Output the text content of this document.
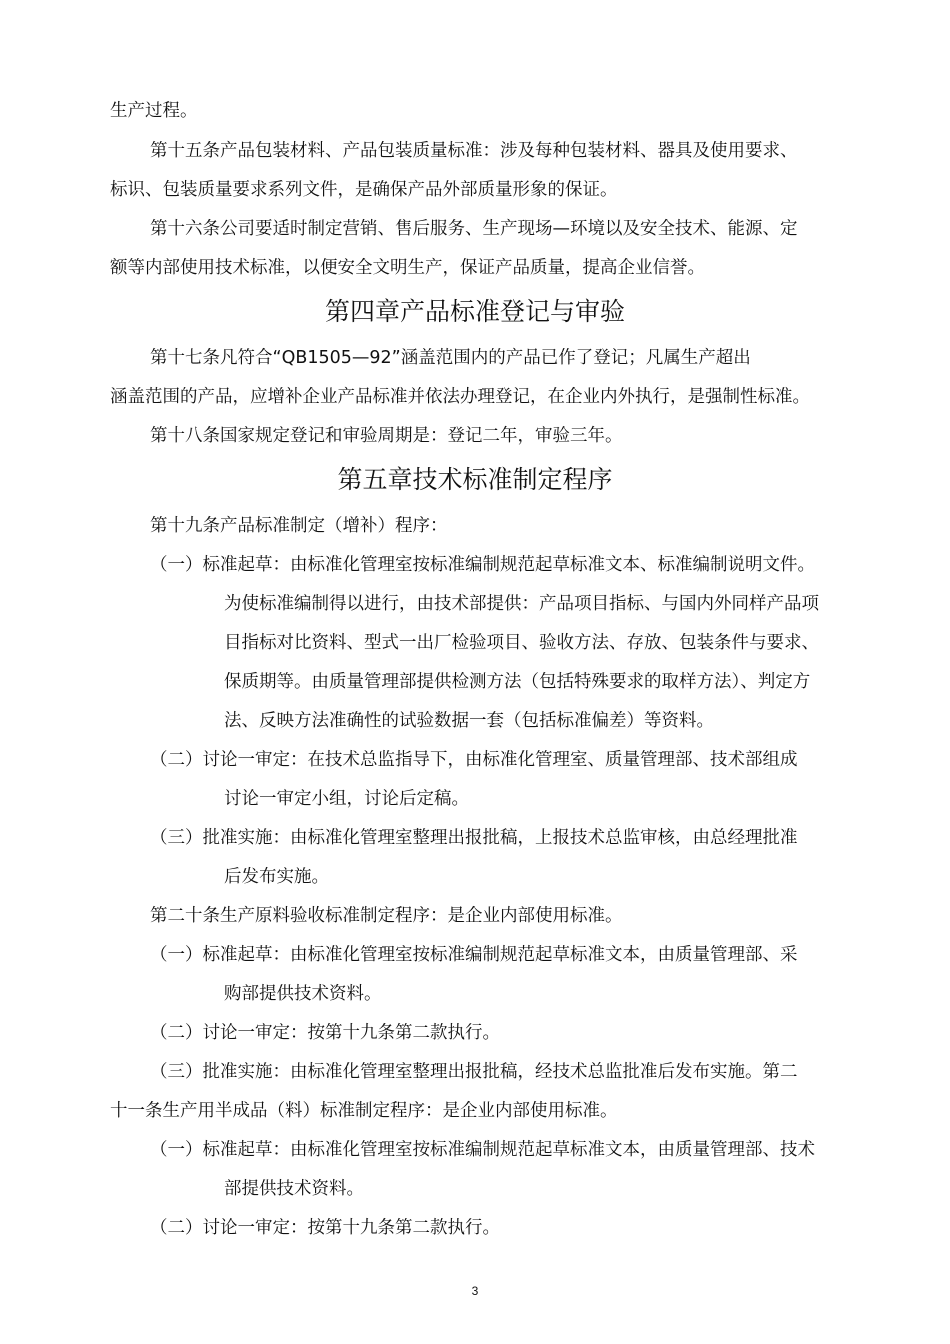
生产过程。
第十五条产品包装材料、产品包装质量标准：涉及每种包装材料、器具及使用要求、
标识、包装质量要求系列文件，是确保产品外部质量形象的保证。
第十六条公司要适时制定营销、售后服务、生产现场—环境以及安全技术、能源、定
额等内部使用技术标准，以便安全文明生产，保证产品质量，提高企业信誉。
第四章产品标准登记与审验
第十七条凡符合“QB1505—92”涵盖范围内的产品已作了登记；凡属生产超出
涵盖范围的产品，应增补企业产品标准并依法办理登记，在企业内外执行，是强制性标准。
第十八条国家规定登记和审验周期是：登记二年，审验三年。
第五章技术标准制定程序
第十九条产品标准制定（增补）程序：
（一）标准起草：由标准化管理室按标准编制规范起草标准文本、标准编制说明文件。
为使标准编制得以进行，由技术部提供：产品项目指标、与国内外同样产品项
目指标对比资料、型式一出厂检验项目、验收方法、存放、包装条件与要求、
保质期等。由质量管理部提供检测方法（包括特殊要求的取样方法）、判定方
法、反映方法准确性的试验数据一套（包括标准偏差）等资料。
（二）讨论一审定：在技术总监指导下，由标准化管理室、质量管理部、技术部组成
讨论一审定小组，讨论后定稿。
（三）批准实施：由标准化管理室整理出报批稿，上报技术总监审核，由总经理批准
后发布实施。
第二十条生产原料验收标准制定程序：是企业内部使用标准。
（一）标准起草：由标准化管理室按标准编制规范起草标准文本，由质量管理部、采
购部提供技术资料。
（二）讨论一审定：按第十九条第二款执行。
（三）批准实施：由标准化管理室整理出报批稿，经技术总监批准后发布实施。第二
十一条生产用半成品（料）标准制定程序：是企业内部使用标准。
（一）标准起草：由标准化管理室按标准编制规范起草标准文本，由质量管理部、技术
部提供技术资料。
（二）讨论一审定：按第十九条第二款执行。
3
